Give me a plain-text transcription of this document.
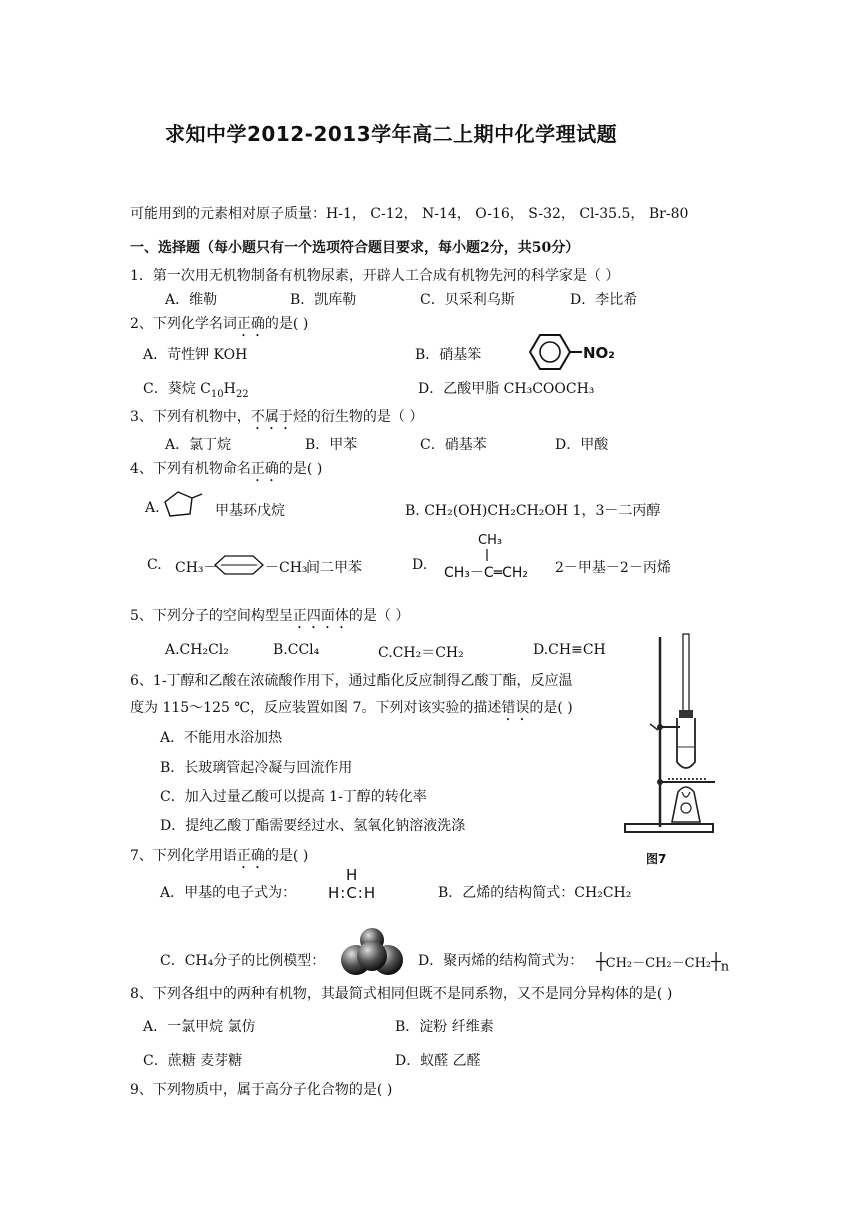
求知中学2012-2013学年高二上期中化学理试题
可能用到的元素相对原子质量：H-1， C-12， N-14， O-16， S-32， Cl-35.5， Br-80
一、选择题（每小题只有一个选项符合题目要求，每小题2分，共50分）
1．第一次用无机物制备有机物尿素，开辟人工合成有机物先河的科学家是（ ）
A．维勒	B．凯库勒	C．贝采利乌斯	D．李比希
2、下列化学名词正确的是( )
A．苛性钾 KOH	B．硝基笨	NO₂
C．葵烷 $C_{10}H_{22}$	D．乙酸甲脂 CH₃COOCH₃
3、下列有机物中，不属于烃的衍生物的是（ ）
A．氯丁烷	B．甲苯	C．硝基苯	D．甲酸
4、下列有机物命名正确的是( )
A.	甲基环戊烷	B. CH₂(OH)CH₂CH₂OH 1，3－二丙醇
C. CH₃－	－CH₃
间二甲苯	D.
CH₃
CH₃－C═CH₂ 2－甲基－2－丙烯
5、下列分子的空间构型呈正四面体的是（ ）
A.CH₂Cl₂	B.CCl₄	C.CH₂＝CH₂	D.CH≡CH
6、1-丁醇和乙酸在浓硫酸作用下，通过酯化反应制得乙酸丁酯，反应温
度为 115～125 ℃，反应装置如图 7。下列对该实验的描述错误的是( )
A．不能用水浴加热
B．长玻璃管起冷凝与回流作用
C．加入过量乙酸可以提高 1-丁醇的转化率
D．提纯乙酸丁酯需要经过水、氢氧化钠溶液洗涤
图7
7、下列化学用语正确的是( )
A．甲基的电子式为：
H
H:C:H	B．乙烯的结构简式：CH₂CH₂
C．CH₄分子的比例模型：	D．聚丙烯的结构简式为： $┼CH_2-CH_2-CH_2┼_n$
8、下列各组中的两种有机物，其最简式相同但既不是同系物，又不是同分异构体的是( )
A．一氯甲烷 氯仿	B．淀粉 纤维素
C．蔗糖 麦芽糖	D．蚁醛 乙醛
9、下列物质中，属于高分子化合物的是( )
